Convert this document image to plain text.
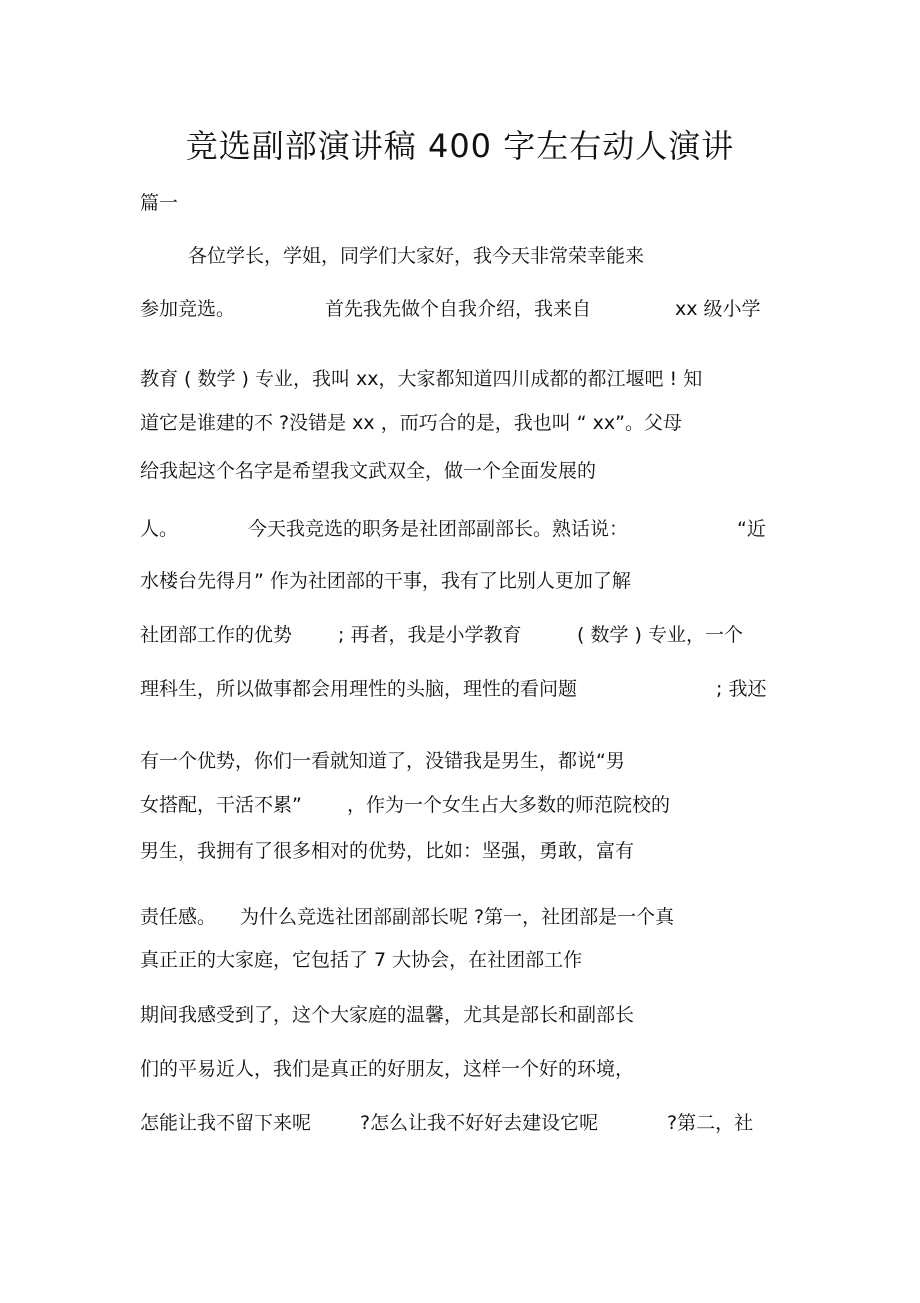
竞选副部演讲稿 400 字左右动人演讲
篇一
各位学长，学姐，同学们大家好，我今天非常荣幸能来
参加竞选。	首先我先做个自我介绍，我来自	xx 级小学
教育 ( 数学 ) 专业，我叫 xx，大家都知道四川成都的都江堰吧 ! 知
道它是谁建的不 ?没错是 xx ，而巧合的是，我也叫 “ xx”。父母
给我起这个名字是希望我文武双全，做一个全面发展的
人。	今天我竞选的职务是社团部副部长。熟话说：	“近
水楼台先得月” 作为社团部的干事，我有了比别人更加了解
社团部工作的优势 ; 再者，我是小学教育	( 数学 ) 专业，一个
理科生，所以做事都会用理性的头脑，理性的看问题	; 我还
有一个优势，你们一看就知道了，没错我是男生，都说“男
女搭配，干活不累” ，作为一个女生占大多数的师范院校的
男生，我拥有了很多相对的优势，比如：坚强，勇敢，富有
责任感。 为什么竞选社团部副部长呢 ?第一，社团部是一个真
真正正的大家庭，它包括了 7 大协会，在社团部工作
期间我感受到了，这个大家庭的温馨，尤其是部长和副部长
们的平易近人，我们是真正的好朋友，这样一个好的环境，
怎能让我不留下来呢	?怎么让我不好好去建设它呢	?第二，社
